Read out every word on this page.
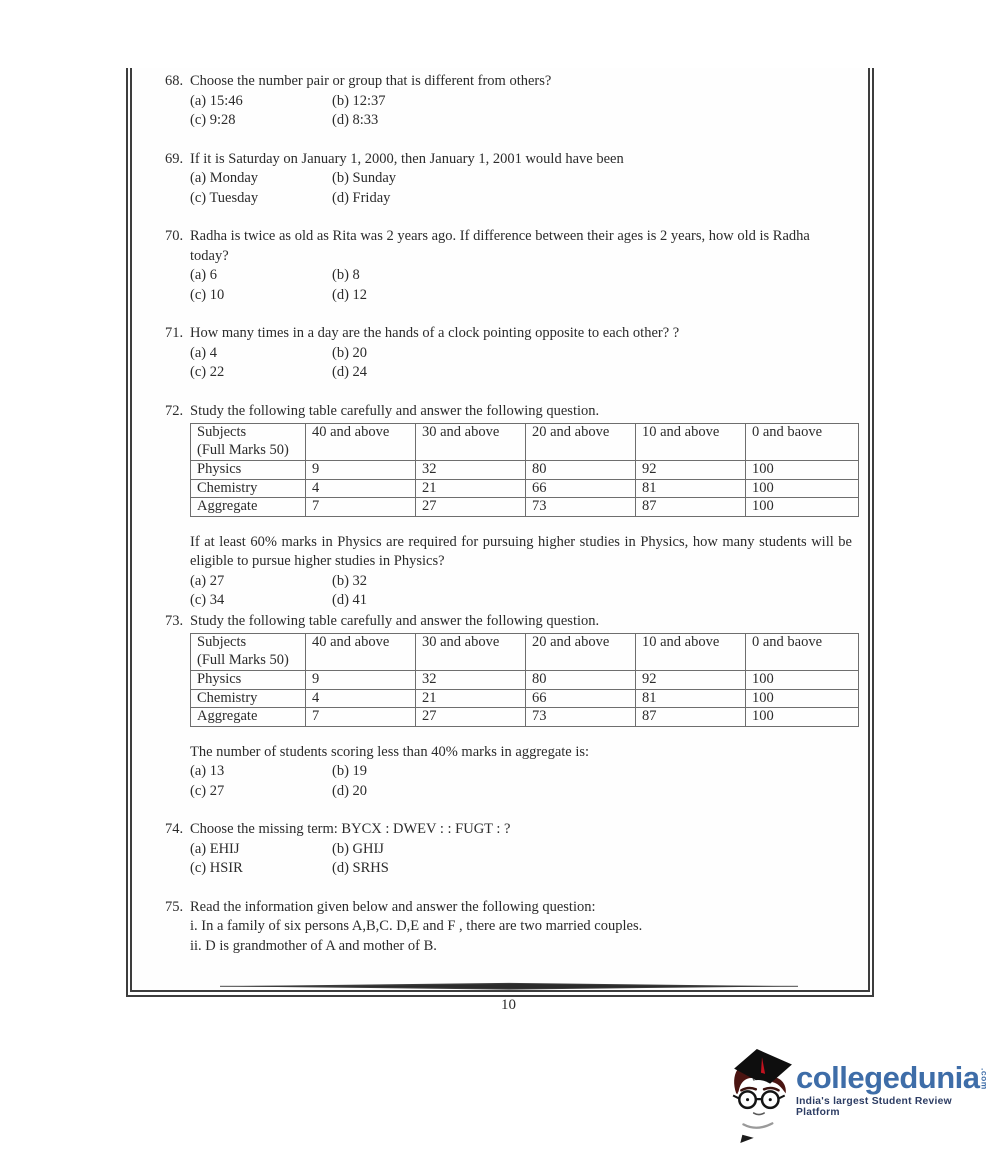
68. Choose the number pair or group that is different from others?
(a) 15:46	(b) 12:37
(c) 9:28	(d) 8:33
69. If it is Saturday on January 1, 2000, then January 1, 2001 would have been
(a) Monday	(b) Sunday
(c) Tuesday	(d) Friday
70. Radha is twice as old as Rita was 2 years ago. If difference between their ages is 2 years, how old is Radha today?
(a) 6	(b) 8
(c) 10	(d) 12
71. How many times in a day are the hands of a clock pointing opposite to each other? ?
(a) 4	(b) 20
(c) 22	(d) 24
72. Study the following table carefully and answer the following question.
Subjects
(Full Marks 50)	40 and above	30 and above	20 and above	10 and above	0 and baove
Physics	9	32	80	92	100
Chemistry	4	21	66	81	100
Aggregate	7	27	73	87	100
If at least 60% marks in Physics are required for pursuing higher studies in Physics, how many students will be eligible to pursue higher studies in Physics?
(a) 27	(b) 32
(c) 34	(d) 41
73. Study the following table carefully and answer the following question.
Subjects
(Full Marks 50)	40 and above	30 and above	20 and above	10 and above	0 and baove
Physics	9	32	80	92	100
Chemistry	4	21	66	81	100
Aggregate	7	27	73	87	100
The number of students scoring less than 40% marks in aggregate is:
(a) 13	(b) 19
(c) 27	(d) 20
74. Choose the missing term: BYCX : DWEV : : FUGT : ?
(a) EHIJ	(b) GHIJ
(c) HSIR	(d) SRHS
75. Read the information given below and answer the following question:
i. In a family of six persons A,B,C. D,E and F , there are two married couples.
ii. D is grandmother of A and mother of B.
10
collegedunia .com
India's largest Student Review Platform
